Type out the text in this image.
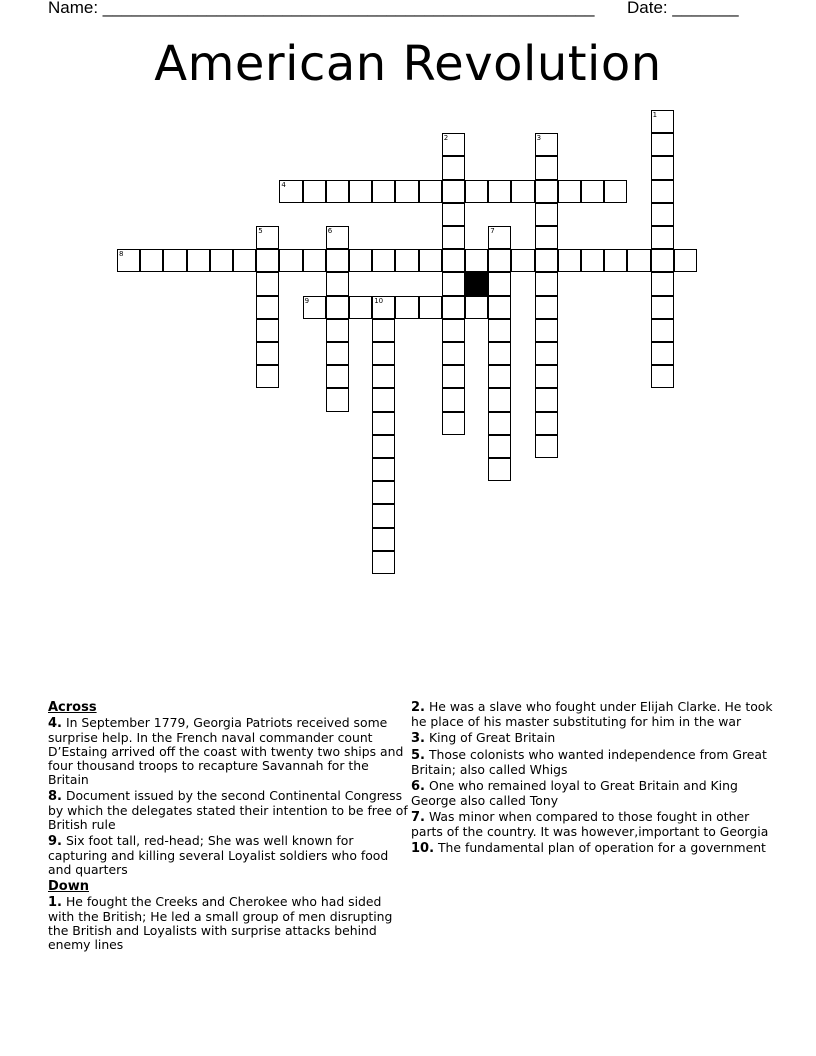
Name: ____________________________________________________ Date: _______
American Revolution
4
8
9	10
1
2	3
5	6	7
Across
4. In September 1779, Georgia Patriots received some surprise help. In the French naval commander count D’Estaing arrived off the coast with twenty two ships and four thousand troops to recapture Savannah for the Britain
8. Document issued by the second Continental Congress by which the delegates stated their intention to be free of British rule
9. Six foot tall, red-head; She was well known for capturing and killing several Loyalist soldiers who food and quarters
Down
1. He fought the Creeks and Cherokee who had sided with the British; He led a small group of men disrupting the British and Loyalists with surprise attacks behind enemy lines
2. He was a slave who fought under Elijah Clarke. He took he place of his master substituting for him in the war
3. King of Great Britain
5. Those colonists who wanted independence from Great Britain; also called Whigs
6. One who remained loyal to Great Britain and King George also called Tony
7. Was minor when compared to those fought in other parts of the country. It was however,important to Georgia
10. The fundamental plan of operation for a government
